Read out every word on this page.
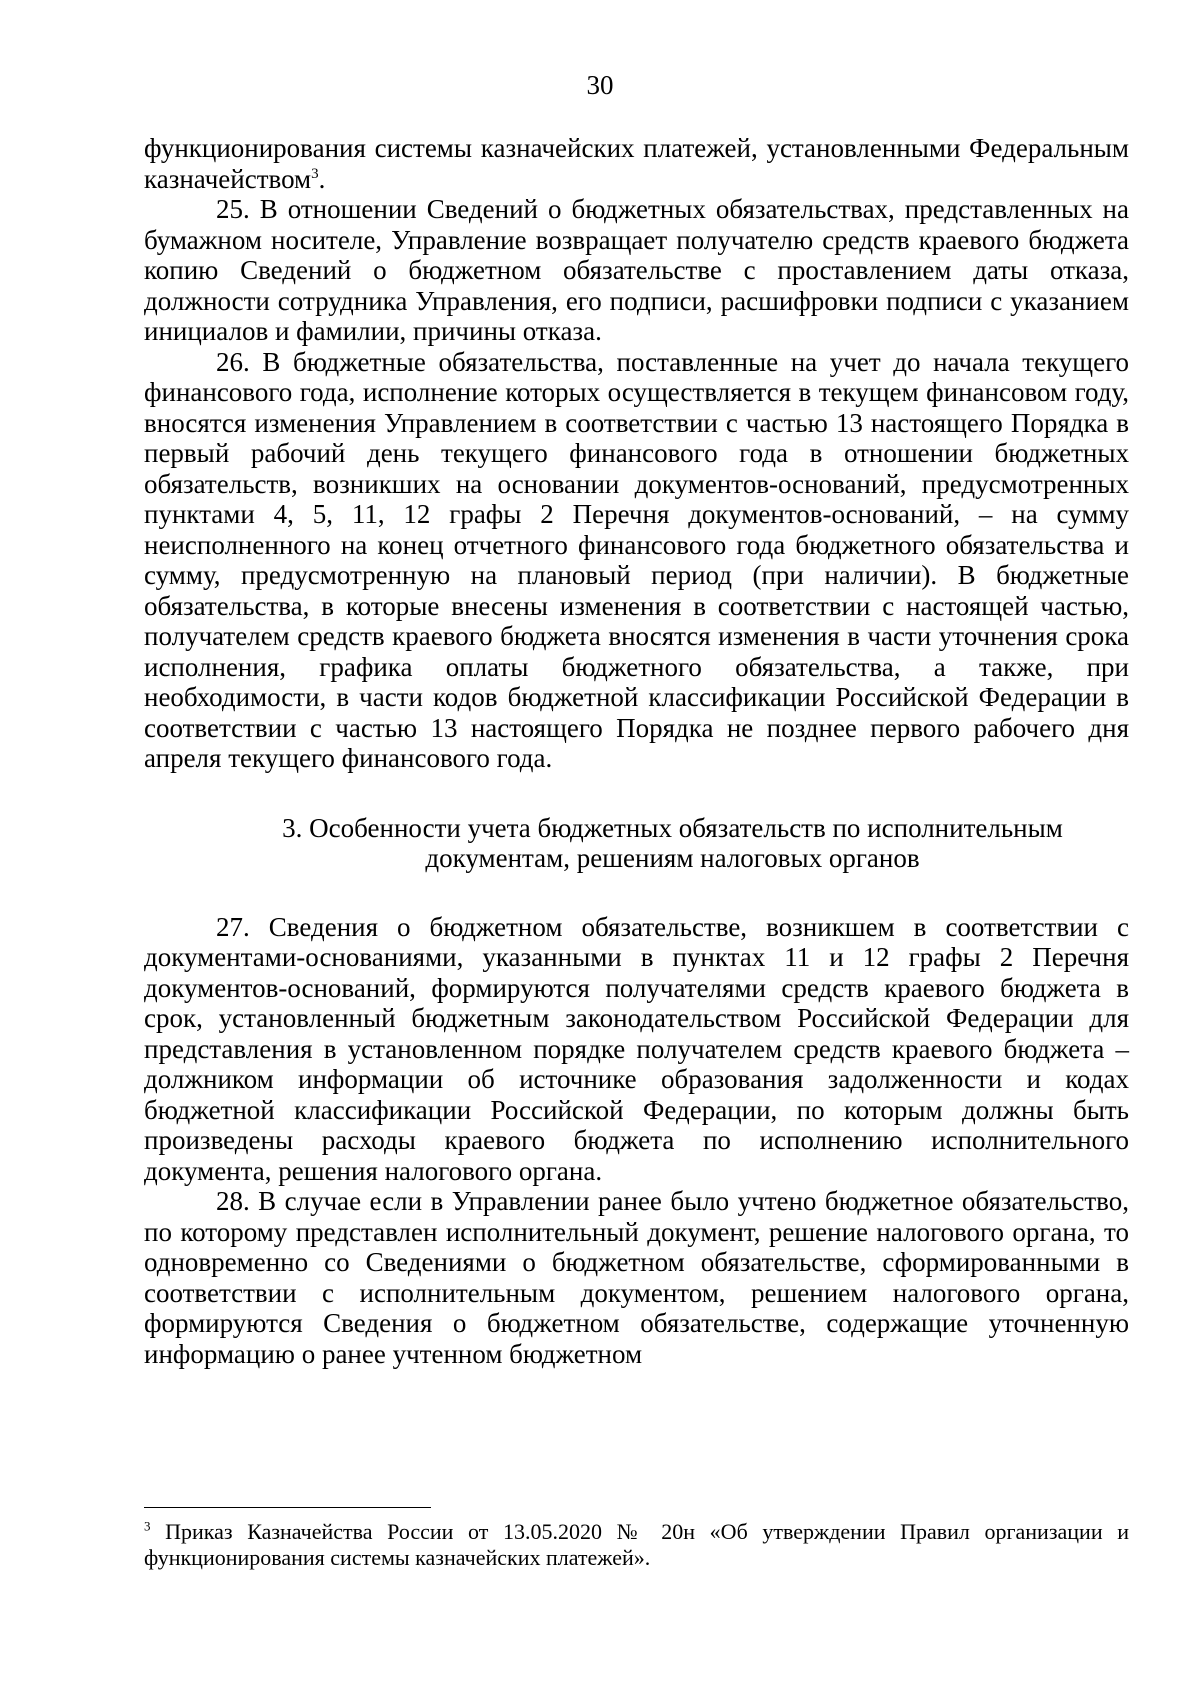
30

функционирования системы казначейских платежей, установленными Федеральным казначейством$^3$.

25. В отношении Сведений о бюджетных обязательствах, представленных на бумажном носителе, Управление возвращает получателю средств краевого бюджета копию Сведений о бюджетном обязательстве с проставлением даты отказа, должности сотрудника Управления, его подписи, расшифровки подписи с указанием инициалов и фамилии, причины отказа.

26. В бюджетные обязательства, поставленные на учет до начала текущего финансового года, исполнение которых осуществляется в текущем финансовом году, вносятся изменения Управлением в соответствии с частью 13 настоящего Порядка в первый рабочий день текущего финансового года в отношении бюджетных обязательств, возникших на основании документов-оснований, предусмотренных пунктами 4, 5, 11, 12 графы 2 Перечня документов-оснований, – на сумму неисполненного на конец отчетного финансового года бюджетного обязательства и сумму, предусмотренную на плановый период (при наличии). В бюджетные обязательства, в которые внесены изменения в соответствии с настоящей частью, получателем средств краевого бюджета вносятся изменения в части уточнения срока исполнения, графика оплаты бюджетного обязательства, а также, при необходимости, в части кодов бюджетной классификации Российской Федерации в соответствии с частью 13 настоящего Порядка не позднее первого рабочего дня апреля текущего финансового года.

3. Особенности учета бюджетных обязательств по исполнительным

документам, решениям налоговых органов

27. Сведения о бюджетном обязательстве, возникшем в соответствии с документами-основаниями, указанными в пунктах 11 и 12 графы 2 Перечня документов-оснований, формируются получателями средств краевого бюджета в срок, установленный бюджетным законодательством Российской Федерации для представления в установленном порядке получателем средств краевого бюджета – должником информации об источнике образования задолженности и кодах бюджетной классификации Российской Федерации, по которым должны быть произведены расходы краевого бюджета по исполнению исполнительного документа, решения налогового органа.

28. В случае если в Управлении ранее было учтено бюджетное обязательство, по которому представлен исполнительный документ, решение налогового органа, то одновременно со Сведениями о бюджетном обязательстве, сформированными в соответствии с исполнительным документом, решением налогового органа, формируются Сведения о бюджетном обязательстве, содержащие уточненную информацию о ранее учтенном бюджетном

$^3$ Приказ Казначейства России от 13.05.2020 № 20н «Об утверждении Правил организации и функционирования системы казначейских платежей».
